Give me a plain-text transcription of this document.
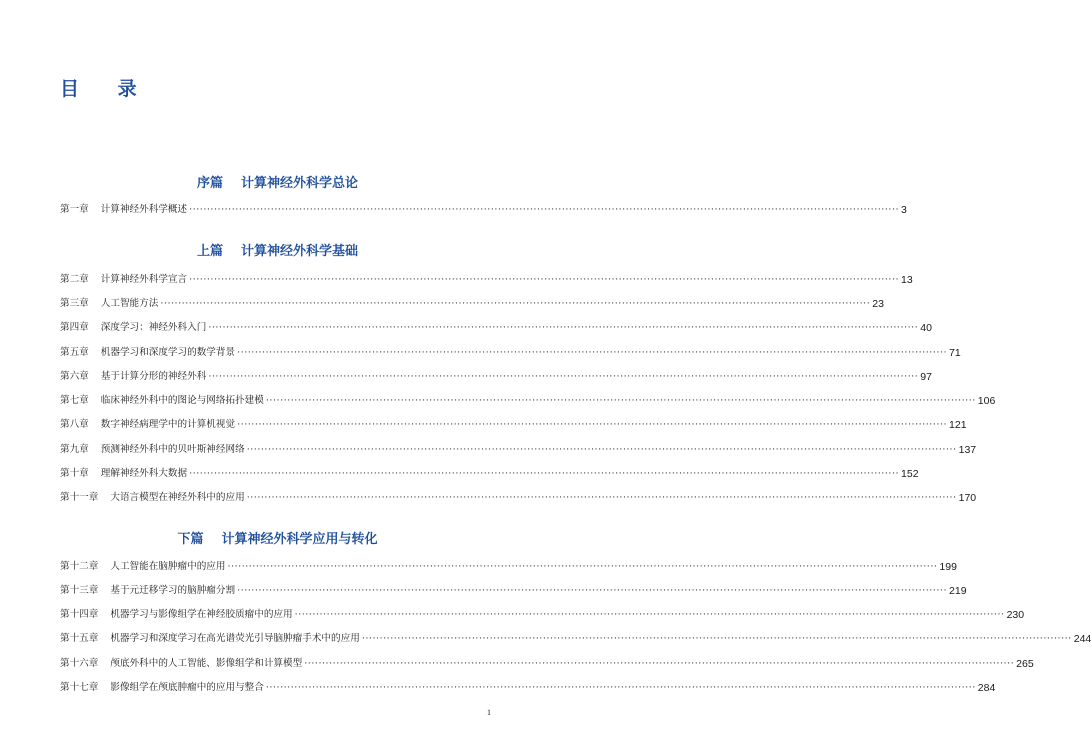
目 录
序篇 计算神经外科学总论
第一章 计算神经外科学概述 ········································································································································································································ 3
上篇 计算神经外科学基础
第二章 计算神经外科学宣言 ········································································································································································································ 13
第三章 人工智能方法 ········································································································································································································ 23
第四章 深度学习：神经外科入门 ········································································································································································································ 40
第五章 机器学习和深度学习的数学背景 ········································································································································································································ 71
第六章 基于计算分形的神经外科 ········································································································································································································ 97
第七章 临床神经外科中的图论与网络拓扑建模 ········································································································································································································ 106
第八章 数字神经病理学中的计算机视觉 ········································································································································································································ 121
第九章 预测神经外科中的贝叶斯神经网络 ········································································································································································································ 137
第十章 理解神经外科大数据 ········································································································································································································ 152
第十一章 大语言模型在神经外科中的应用 ········································································································································································································ 170
下篇 计算神经外科学应用与转化
第十二章 人工智能在脑肿瘤中的应用 ········································································································································································································ 199
第十三章 基于元迁移学习的脑肿瘤分割 ········································································································································································································ 219
第十四章 机器学习与影像组学在神经胶质瘤中的应用 ········································································································································································································ 230
第十五章 机器学习和深度学习在高光谱荧光引导脑肿瘤手术中的应用 ········································································································································································································ 244
第十六章 颅底外科中的人工智能、影像组学和计算模型 ········································································································································································································ 265
第十七章 影像组学在颅底肿瘤中的应用与整合 ········································································································································································································ 284
1
